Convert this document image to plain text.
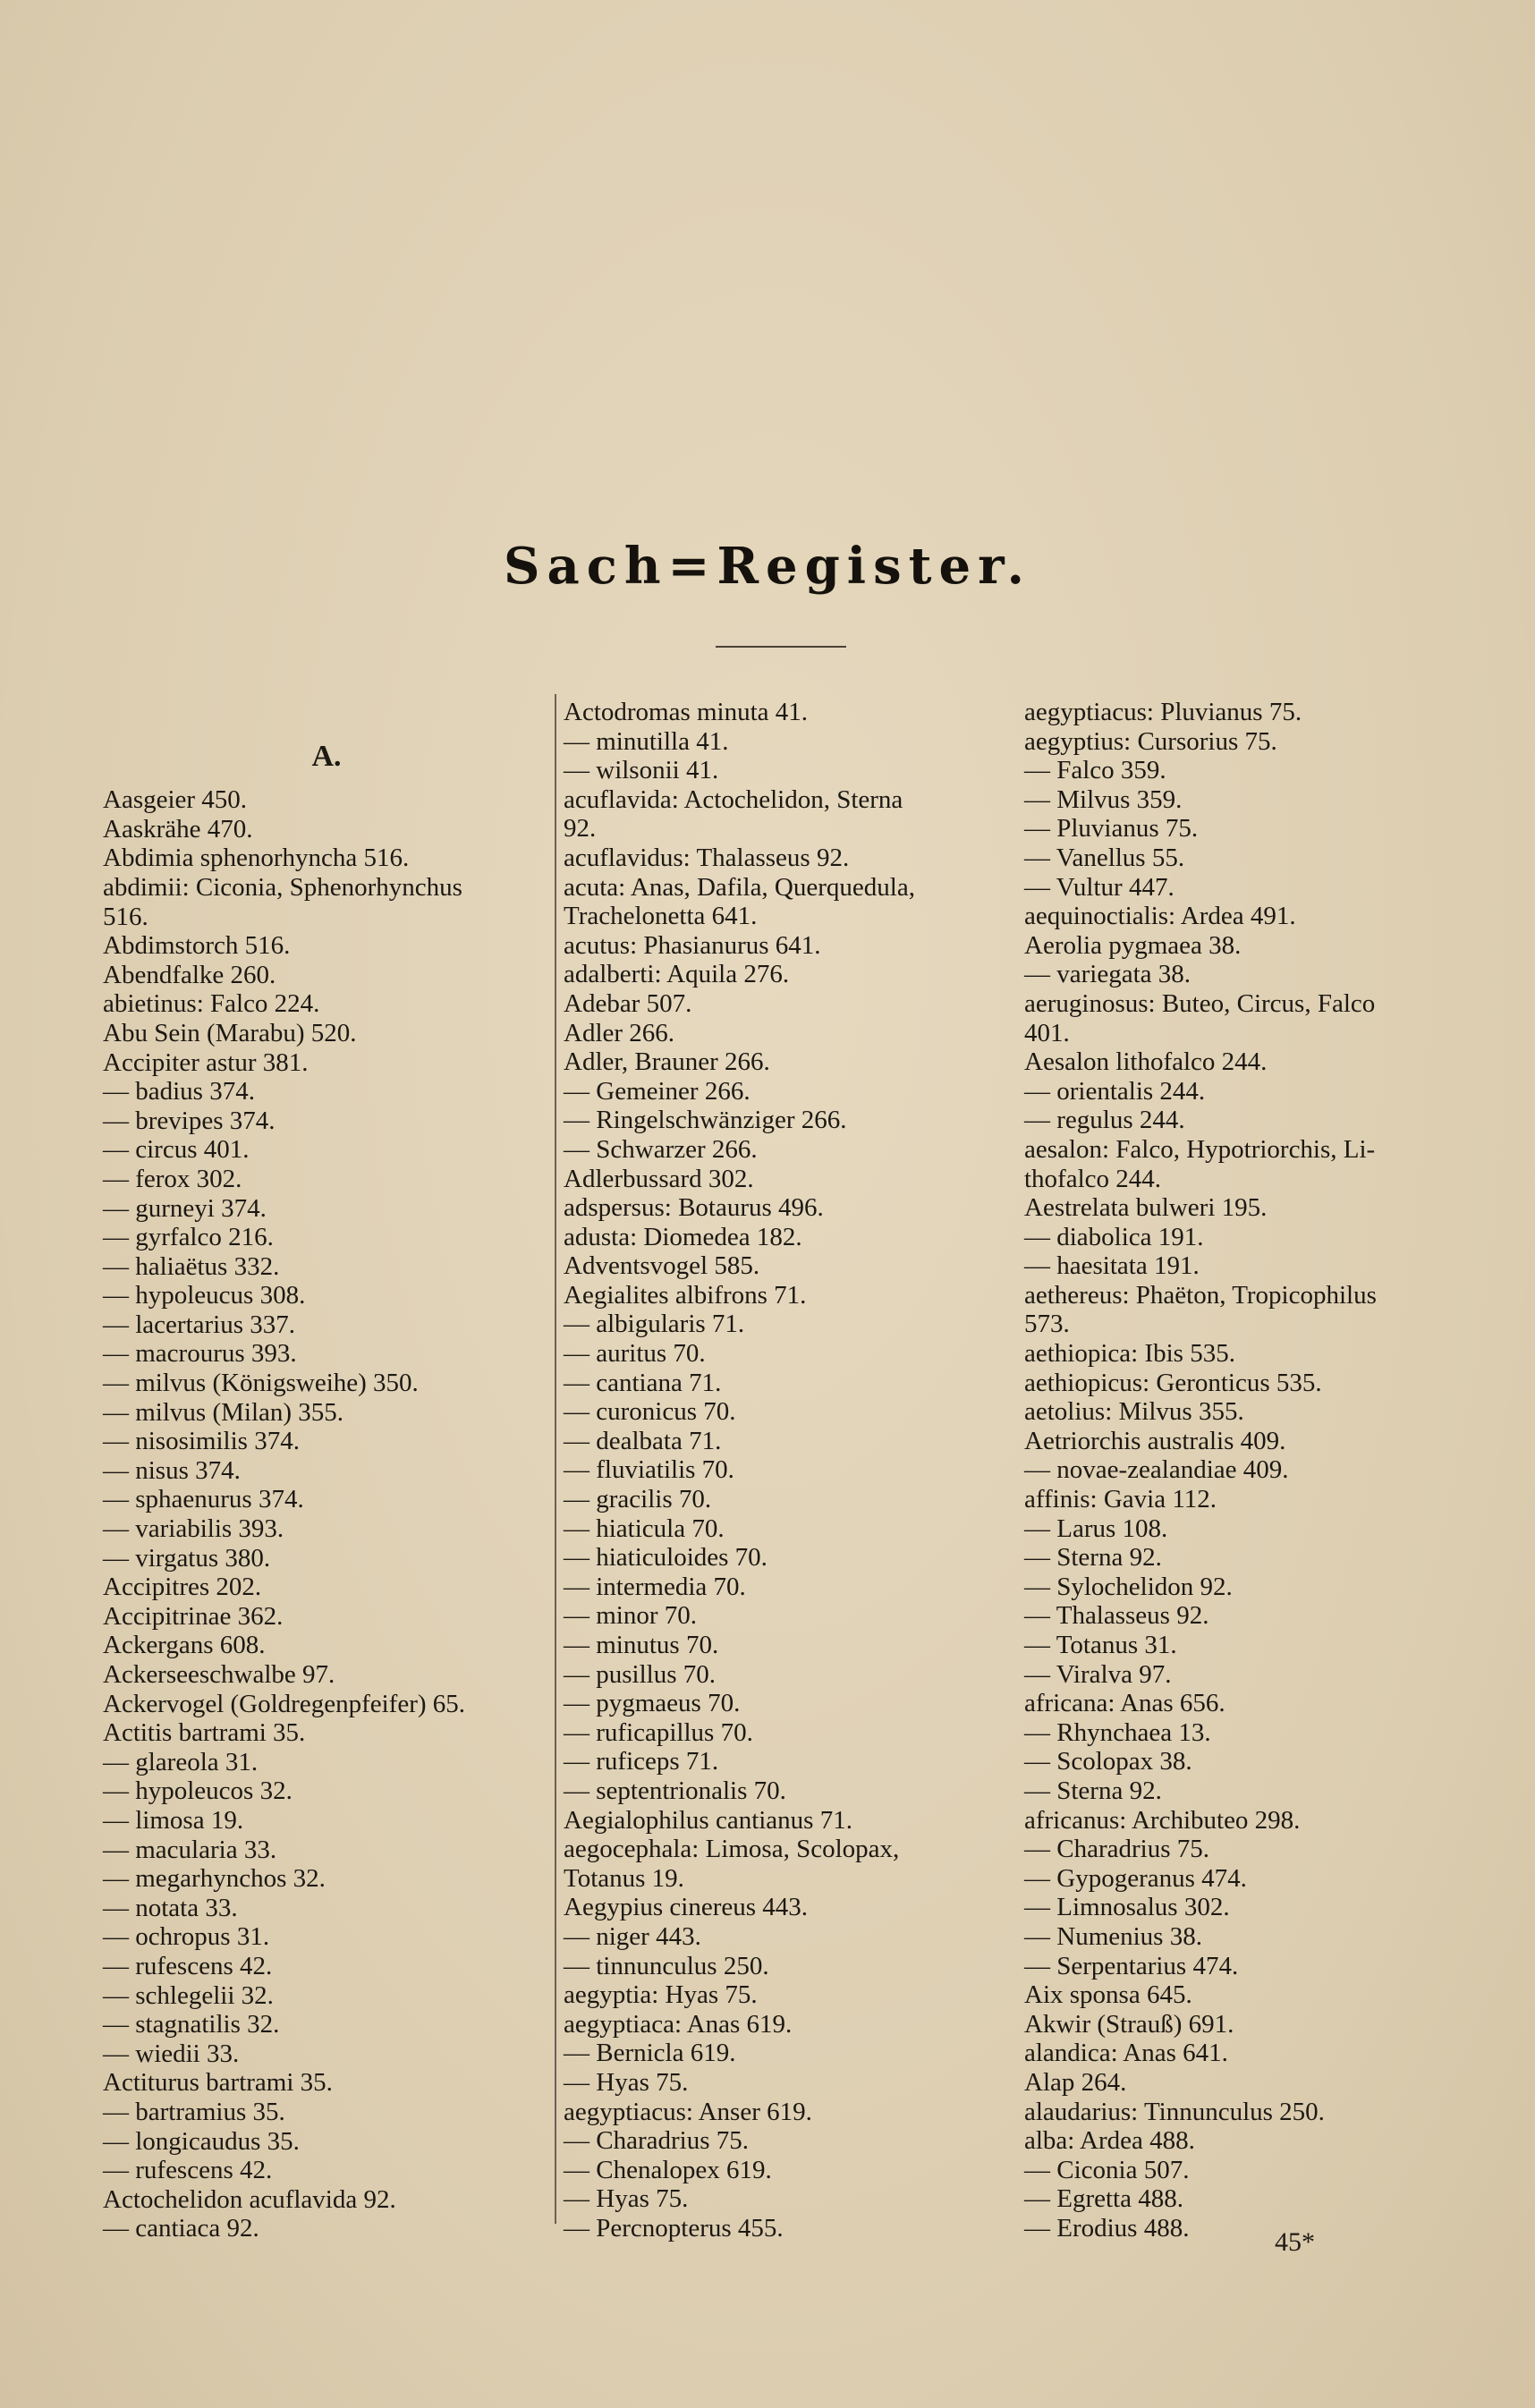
Sach=Register.
A.
Aasgeier 450.
Aaskrähe 470.
Abdimia sphenorhyncha 516.
abdimii: Ciconia, Sphenorhynchus
516.
Abdimstorch 516.
Abendfalke 260.
abietinus: Falco 224.
Abu Sein (Marabu) 520.
Accipiter astur 381.
— badius 374.
— brevipes 374.
— circus 401.
— ferox 302.
— gurneyi 374.
— gyrfalco 216.
— haliaëtus 332.
— hypoleucus 308.
— lacertarius 337.
— macrourus 393.
— milvus (Königsweihe) 350.
— milvus (Milan) 355.
— nisosimilis 374.
— nisus 374.
— sphaenurus 374.
— variabilis 393.
— virgatus 380.
Accipitres 202.
Accipitrinae 362.
Ackergans 608.
Ackerseeschwalbe 97.
Ackervogel (Goldregenpfeifer) 65.
Actitis bartrami 35.
— glareola 31.
— hypoleucos 32.
— limosa 19.
— macularia 33.
— megarhynchos 32.
— notata 33.
— ochropus 31.
— rufescens 42.
— schlegelii 32.
— stagnatilis 32.
— wiedii 33.
Actiturus bartrami 35.
— bartramius 35.
— longicaudus 35.
— rufescens 42.
Actochelidon acuflavida 92.
— cantiaca 92.
Actodromas minuta 41.
— minutilla 41.
— wilsonii 41.
acuflavida: Actochelidon, Sterna
92.
acuflavidus: Thalasseus 92.
acuta: Anas, Dafila, Querquedula,
Trachelonetta 641.
acutus: Phasianurus 641.
adalberti: Aquila 276.
Adebar 507.
Adler 266.
Adler, Brauner 266.
— Gemeiner 266.
— Ringelschwänziger 266.
— Schwarzer 266.
Adlerbussard 302.
adspersus: Botaurus 496.
adusta: Diomedea 182.
Adventsvogel 585.
Aegialites albifrons 71.
— albigularis 71.
— auritus 70.
— cantiana 71.
— curonicus 70.
— dealbata 71.
— fluviatilis 70.
— gracilis 70.
— hiaticula 70.
— hiaticuloides 70.
— intermedia 70.
— minor 70.
— minutus 70.
— pusillus 70.
— pygmaeus 70.
— ruficapillus 70.
— ruficeps 71.
— septentrionalis 70.
Aegialophilus cantianus 71.
aegocephala: Limosa, Scolopax,
Totanus 19.
Aegypius cinereus 443.
— niger 443.
— tinnunculus 250.
aegyptia: Hyas 75.
aegyptiaca: Anas 619.
— Bernicla 619.
— Hyas 75.
aegyptiacus: Anser 619.
— Charadrius 75.
— Chenalopex 619.
— Hyas 75.
— Percnopterus 455.
aegyptiacus: Pluvianus 75.
aegyptius: Cursorius 75.
— Falco 359.
— Milvus 359.
— Pluvianus 75.
— Vanellus 55.
— Vultur 447.
aequinoctialis: Ardea 491.
Aerolia pygmaea 38.
— variegata 38.
aeruginosus: Buteo, Circus, Falco
401.
Aesalon lithofalco 244.
— orientalis 244.
— regulus 244.
aesalon: Falco, Hypotriorchis, Li-
thofalco 244.
Aestrelata bulweri 195.
— diabolica 191.
— haesitata 191.
aethereus: Phaëton, Tropicophilus
573.
aethiopica: Ibis 535.
aethiopicus: Geronticus 535.
aetolius: Milvus 355.
Aetriorchis australis 409.
— novae-zealandiae 409.
affinis: Gavia 112.
— Larus 108.
— Sterna 92.
— Sylochelidon 92.
— Thalasseus 92.
— Totanus 31.
— Viralva 97.
africana: Anas 656.
— Rhynchaea 13.
— Scolopax 38.
— Sterna 92.
africanus: Archibuteo 298.
— Charadrius 75.
— Gypogeranus 474.
— Limnosalus 302.
— Numenius 38.
— Serpentarius 474.
Aix sponsa 645.
Akwir (Strauß) 691.
alandica: Anas 641.
Alap 264.
alaudarius: Tinnunculus 250.
alba: Ardea 488.
— Ciconia 507.
— Egretta 488.
— Erodius 488.	45*
